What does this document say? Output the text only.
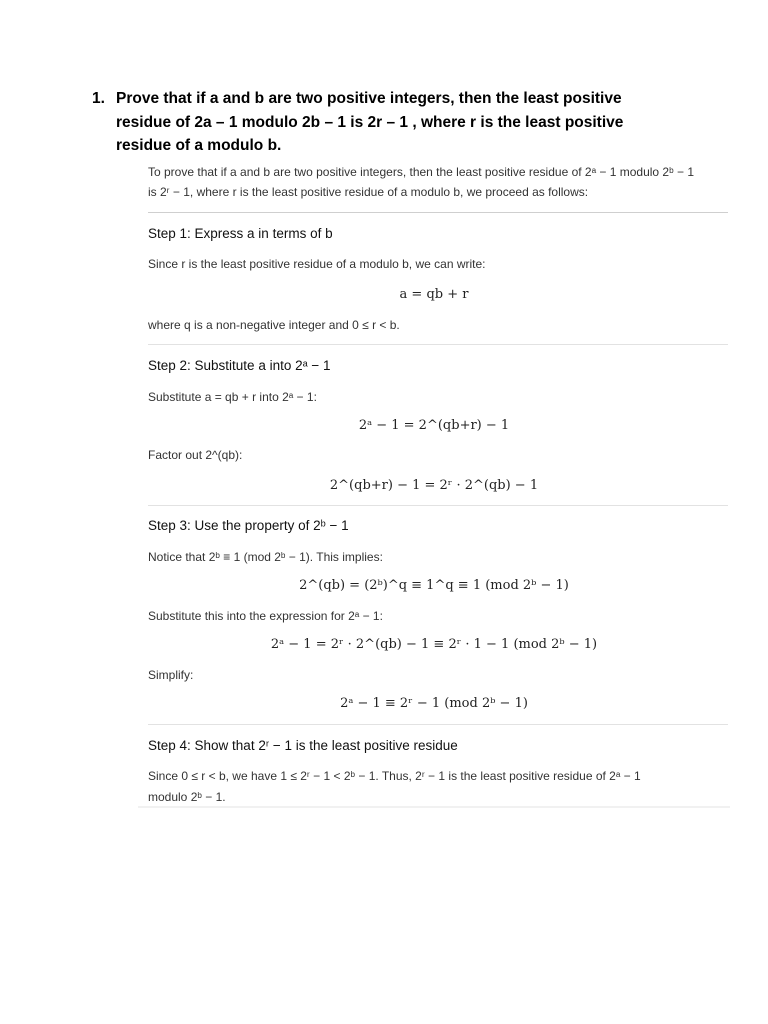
1. Prove that if a and b are two positive integers, then the least positive residue of 2a – 1 modulo 2b – 1 is 2r – 1 , where r is the least positive residue of a modulo b.
To prove that if a and b are two positive integers, then the least positive residue of 2ᵃ − 1 modulo 2ᵇ − 1
is 2ʳ − 1, where r is the least positive residue of a modulo b, we proceed as follows:
Step 1: Express a in terms of b
Since r is the least positive residue of a modulo b, we can write:
a = qb + r
where q is a non-negative integer and 0 ≤ r < b.
Step 2: Substitute a into 2ᵃ − 1
Substitute a = qb + r into 2ᵃ − 1:
2ᵃ − 1 = 2^(qb+r) − 1
Factor out 2^(qb):
2^(qb+r) − 1 = 2ʳ · 2^(qb) − 1
Step 3: Use the property of 2ᵇ − 1
Notice that 2ᵇ ≡ 1 (mod 2ᵇ − 1). This implies:
2^(qb) = (2ᵇ)^q ≡ 1^q ≡ 1 (mod 2ᵇ − 1)
Substitute this into the expression for 2ᵃ − 1:
2ᵃ − 1 = 2ʳ · 2^(qb) − 1 ≡ 2ʳ · 1 − 1 (mod 2ᵇ − 1)
Simplify:
2ᵃ − 1 ≡ 2ʳ − 1 (mod 2ᵇ − 1)
Step 4: Show that 2ʳ − 1 is the least positive residue
Since 0 ≤ r < b, we have 1 ≤ 2ʳ − 1 < 2ᵇ − 1. Thus, 2ʳ − 1 is the least positive residue of 2ᵃ − 1
modulo 2ᵇ − 1.
